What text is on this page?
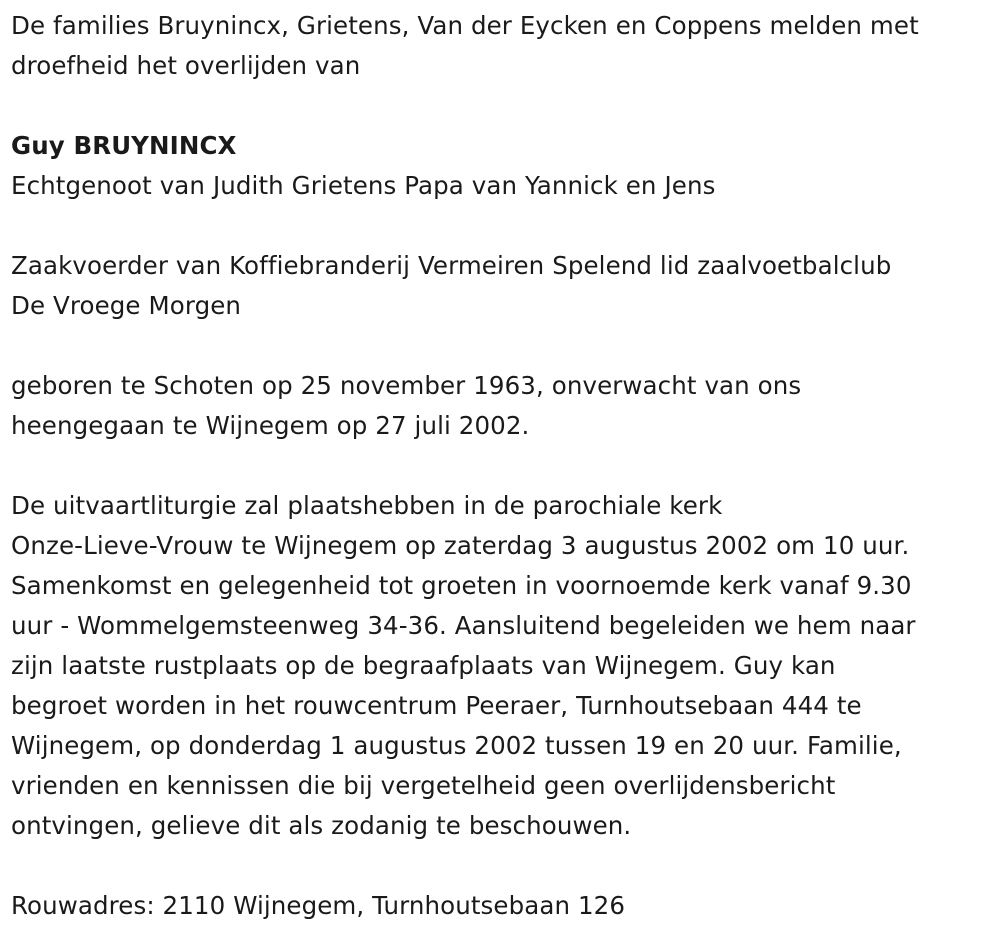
De families Bruynincx, Grietens, Van der Eycken en Coppens melden met

droefheid het overlijden van

Guy BRUYNINCX

Echtgenoot van Judith Grietens Papa van Yannick en Jens

Zaakvoerder van Koffiebranderij Vermeiren Spelend lid zaalvoetbalclub

De Vroege Morgen

geboren te Schoten op 25 november 1963, onverwacht van ons

heengegaan te Wijnegem op 27 juli 2002.

De uitvaartliturgie zal plaatshebben in de parochiale kerk

Onze-Lieve-Vrouw te Wijnegem op zaterdag 3 augustus 2002 om 10 uur.

Samenkomst en gelegenheid tot groeten in voornoemde kerk vanaf 9.30

uur - Wommelgemsteenweg 34-36. Aansluitend begeleiden we hem naar

zijn laatste rustplaats op de begraafplaats van Wijnegem. Guy kan

begroet worden in het rouwcentrum Peeraer, Turnhoutsebaan 444 te

Wijnegem, op donderdag 1 augustus 2002 tussen 19 en 20 uur. Familie,

vrienden en kennissen die bij vergetelheid geen overlijdensbericht

ontvingen, gelieve dit als zodanig te beschouwen.

Rouwadres: 2110 Wijnegem, Turnhoutsebaan 126
